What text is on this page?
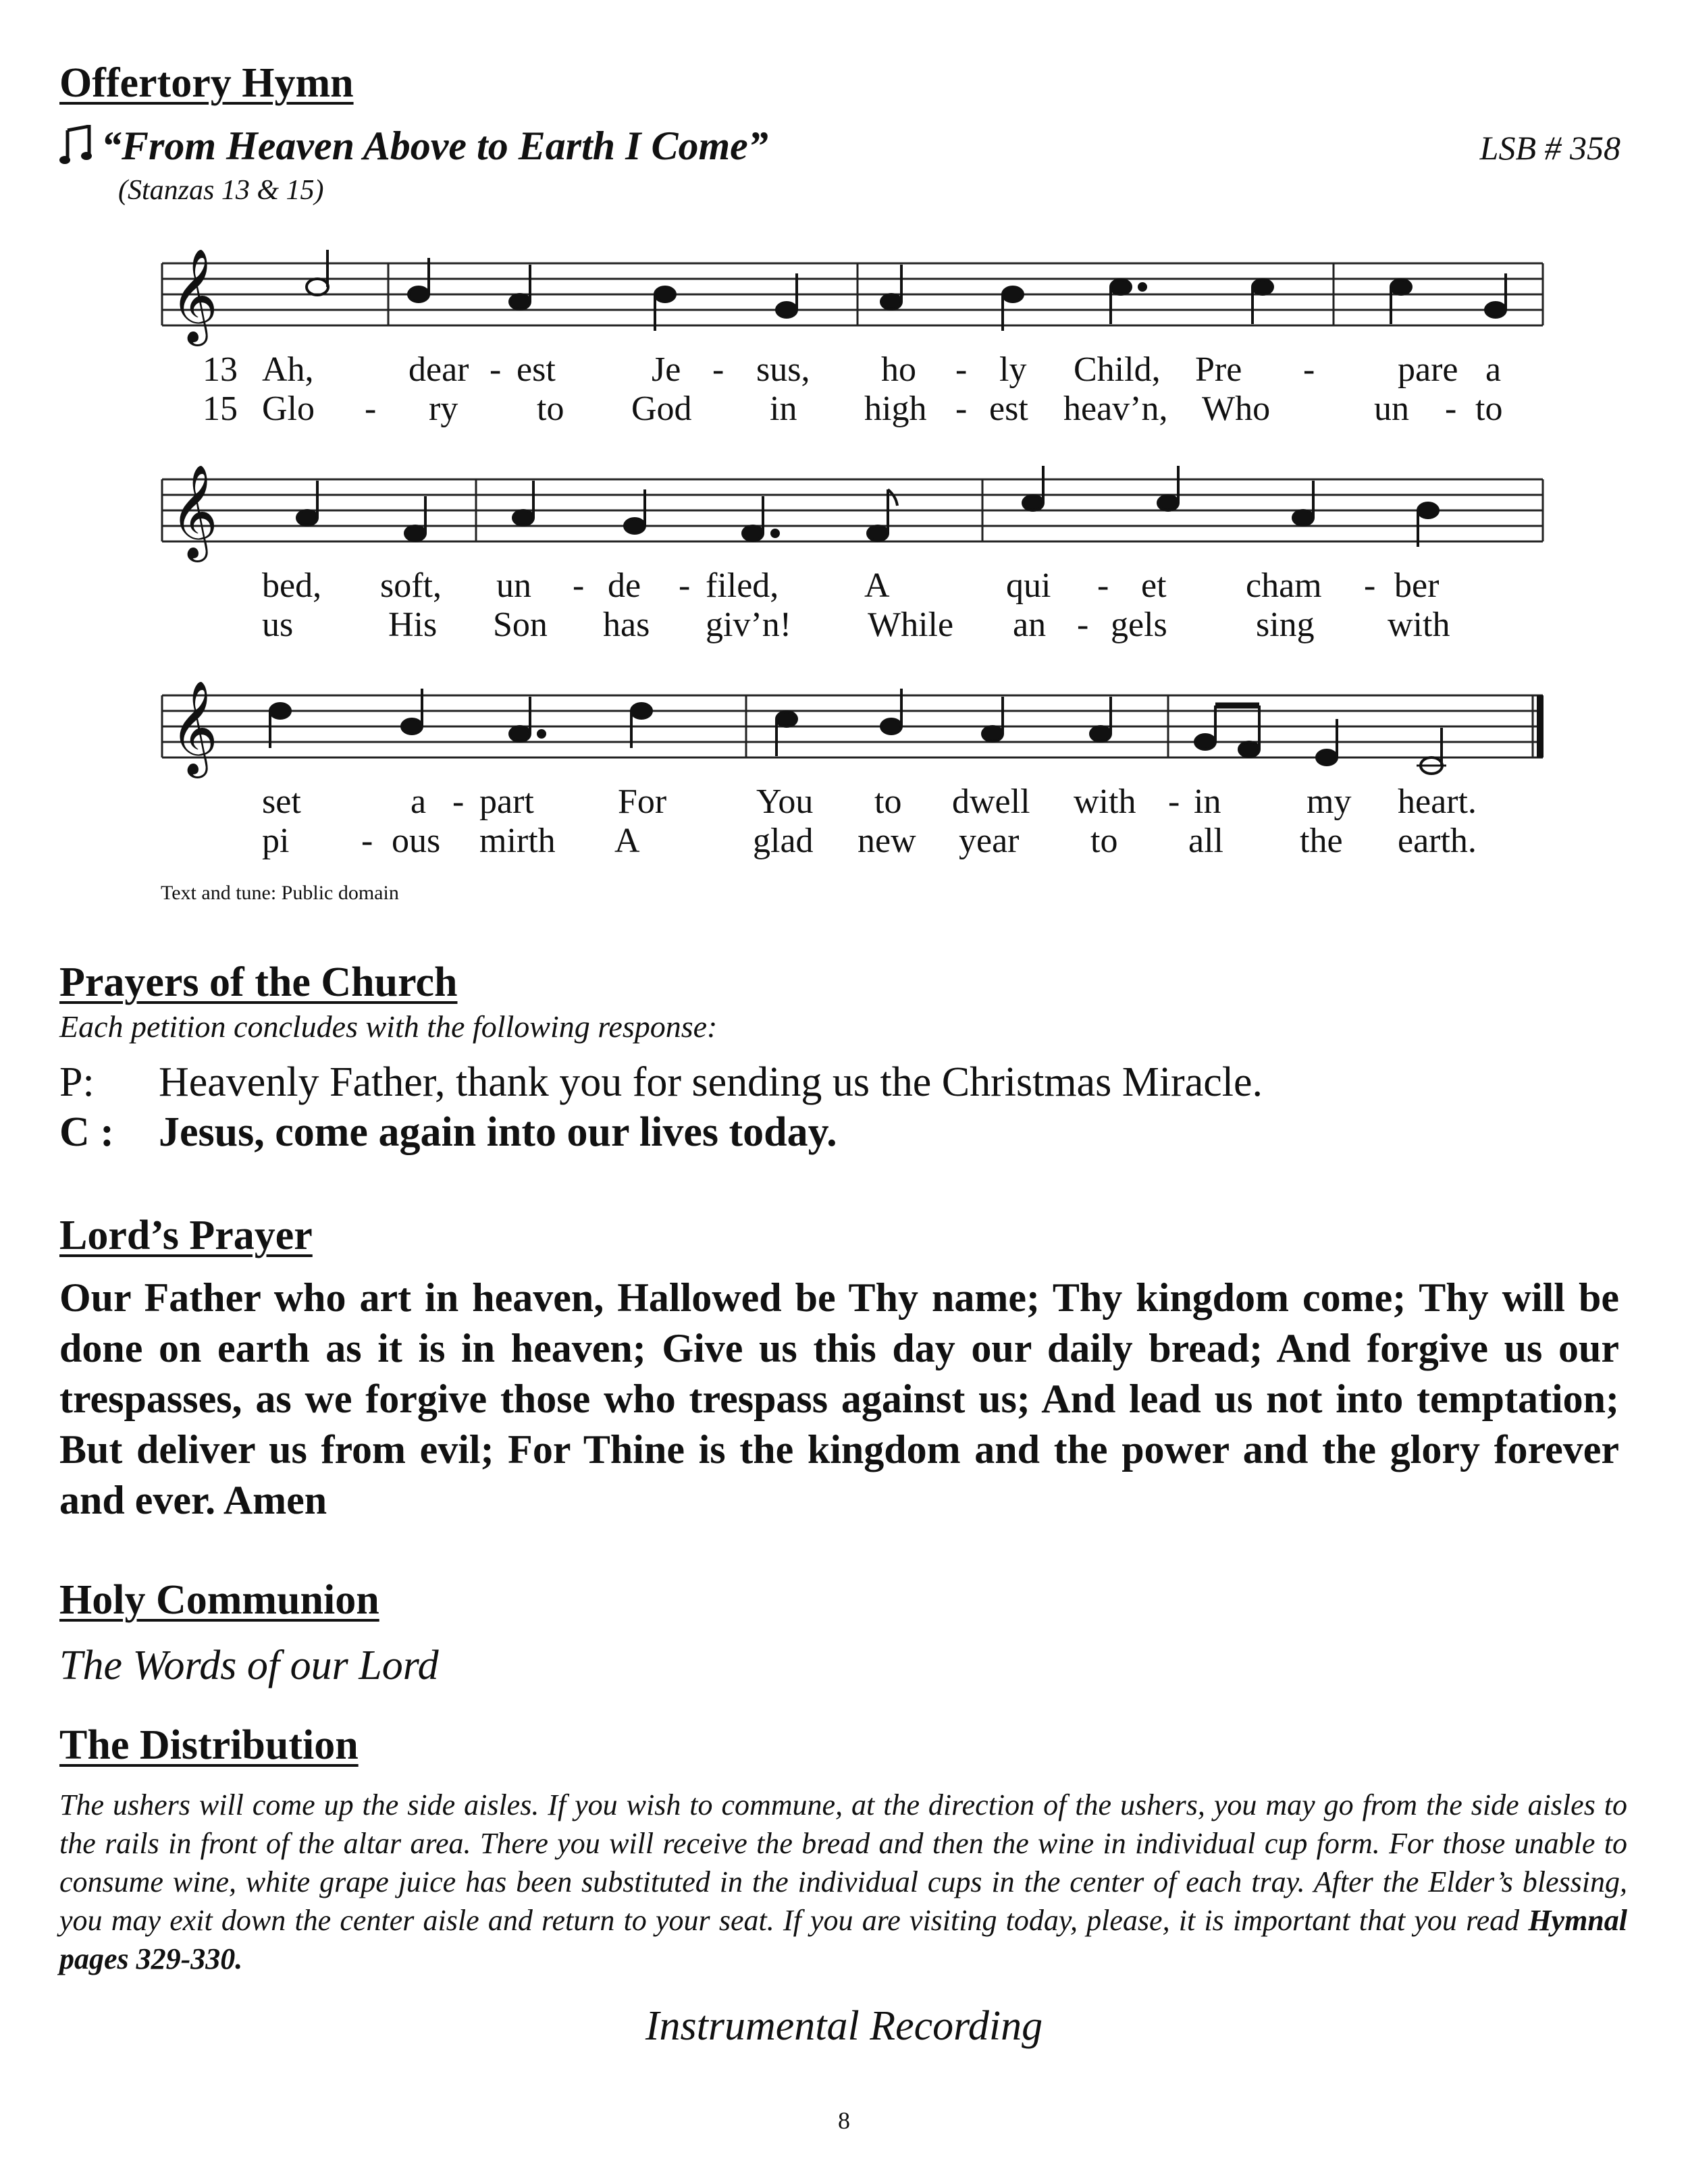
Offertory Hymn
“From Heaven Above to Earth I Come”	LSB # 358
(Stanzas 13 & 15)
𝄞
13
15
Ah,	dear - est	Je - sus, ho - ly Child, Pre - pare a
Glo - ry to God in high - est heav’n, Who	un - to
𝄞
bed, soft, un - de - filed, A	qui - et cham - ber
us	His Son has giv’n! While an - gels	sing with
𝄞
set	a - part For	You to dwell with - in my heart.
pi - ous mirth A	glad new year to all the earth.
Text and tune: Public domain
Prayers of the Church
Each petition concludes with the following response:
P: Heavenly Father, thank you for sending us the Christmas Miracle.
C : Jesus, come again into our lives today.
Lord’s Prayer
Our Father who art in heaven, Hallowed be Thy name; Thy kingdom come; Thy will be done on earth as it is in heaven; Give us this day our daily bread; And forgive us our trespasses, as we forgive those who trespass against us; And lead us not into temptation; But deliver us from evil; For Thine is the kingdom and the power and the glory forever and ever. Amen
Holy Communion
The Words of our Lord
The Distribution
The ushers will come up the side aisles. If you wish to commune, at the direction of the ushers, you may go from the side aisles to the rails in front of the altar area. There you will receive the bread and then the wine in individual cup form. For those unable to consume wine, white grape juice has been substituted in the individual cups in the center of each tray. After the Elder’s blessing, you may exit down the center aisle and return to your seat. If you are visiting today, please, it is important that you read Hymnal pages 329-330.
Instrumental Recording
8
